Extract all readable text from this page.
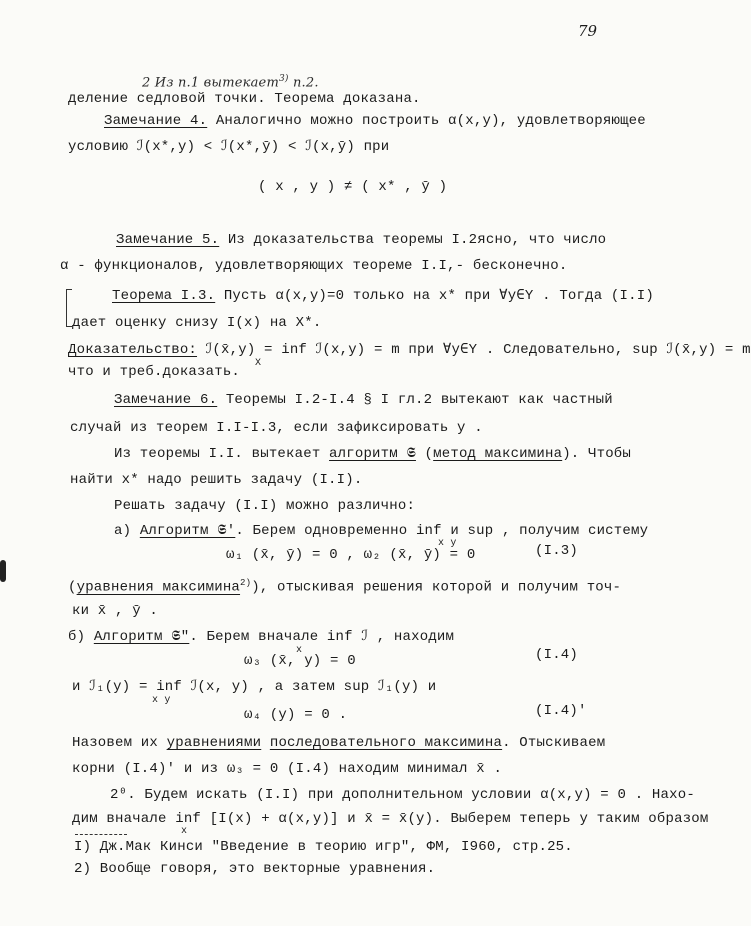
79
2 Из п.1 вытекает$^{3)}$ п.2.
деление седловой точки. Теорема доказана.
Замечание 4. Аналогично можно построить α(x,y), удовлетворяющее
условию ℐ(x*,y) < ℐ(x*,ȳ) < ℐ(x,ȳ) при
( x , y ) ≠ ( x* , ȳ )
Замечание 5. Из доказательства теоремы I.2ясно, что число
α - функционалов, удовлетворяющих теореме I.I,- бесконечно.
Теорема I.3. Пусть α(x,y)=0 только на x* при ∀y∈Y . Тогда (I.I)
дает оценку снизу I(x) на X*.
Доказательство: ℐ(x̄,y) = inf ℐ(x,y) = m при ∀y∈Y . Следовательно, sup ℐ(x̄,y) = m
X
что и треб.доказать.
Замечание 6. Теоремы I.2-I.4 § I гл.2 вытекают как частный
случай из теорем I.I-I.3, если зафиксировать y .
Из теоремы I.I. вытекает алгоритм 𝕾 (метод максимина). Чтобы
найти x* надо решить задачу (I.I).
Решать задачу (I.I) можно различно:
а) Алгоритм 𝕾′. Берем одновременно inf и sup , получим систему
x y
ω₁ (x̄, ȳ) = 0 , ω₂ (x̄, ȳ) = 0	(I.3)
(уравнения максимина$^{2)}$), отыскивая решения которой и получим точ-
ки x̄ , ȳ .
б) Алгоритм 𝕾″. Берем вначале inf ℐ , находим
x
ω₃ (x̄, y) = 0	(I.4)
и ℐ₁(y) = inf ℐ(x, y) , а затем sup ℐ₁(y) и
x y
ω₄ (y) = 0 .	(I.4)′
Назовем их уравнениями последовательного максимина. Отыскиваем
корни (I.4)′ и из ω₃ = 0 (I.4) находим минимал x̄ .
2⁰. Будем искать (I.I) при дополнительном условии α(x,y) = 0 . Нахо-
дим вначале inf [I(x) + α(x,y)] и x̄ = x̄(y). Выберем теперь y таким образом
x
I) Дж.Мак Кинси "Введение в теорию игр", ФМ, I960, стр.25.
2) Вообще говоря, это векторные уравнения.
